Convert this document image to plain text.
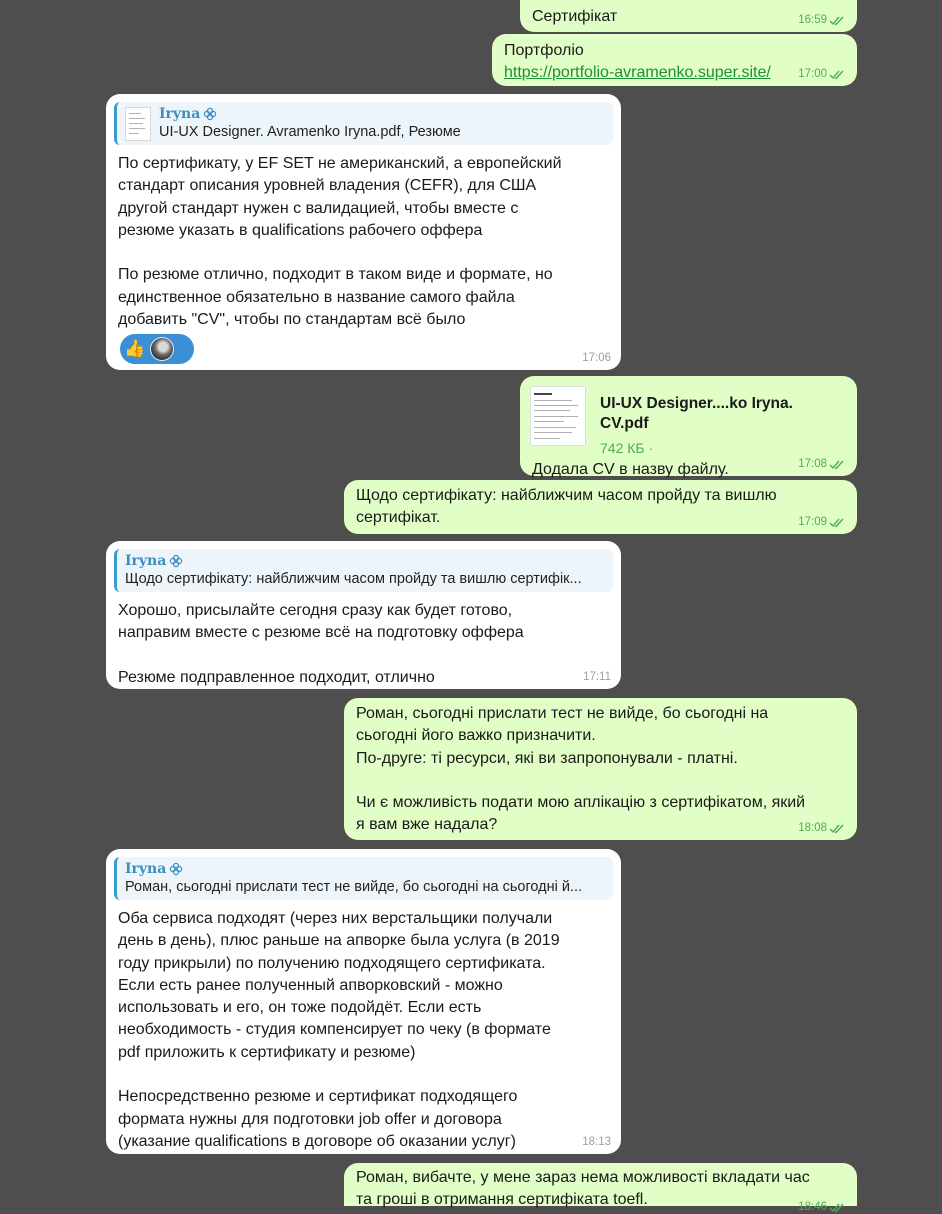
Сертифікат	16:59
Портфоліо
https://portfolio-avramenko.super.site/	17:00
Iryna
UI-UX Designer. Avramenko Iryna.pdf, Резюме
По сертификату, у EF SET не американский, а европейский
стандарт описания уровней владения (CEFR), для США
другой стандарт нужен с валидацией, чтобы вместе с
резюме указать в qualifications рабочего оффера

По резюме отлично, подходит в таком виде и формате, но
единственное обязательно в название самого файла
добавить "CV", чтобы по стандартам всё было
👍	17:06
UI-UX Designer....ko Iryna. CV.pdf
742 КБ ·
Додала CV в назву файлу.	17:08
Щодо сертифікату: найближчим часом пройду та вишлю
сертифікат.	17:09
Iryna
Щодо сертифікату: найближчим часом пройду та вишлю сертифік...
Хорошо, присылайте сегодня сразу как будет готово,
направим вместе с резюме всё на подготовку оффера

Резюме подправленное подходит, отлично	17:11
Роман, сьогодні прислати тест не вийде, бо сьогодні на
сьогодні його важко призначити.
По-друге: ті ресурси, які ви запропонували - платні.

Чи є можливість подати мою аплікацію з сертифікатом, який
я вам вже надала?	18:08
Iryna
Роман, сьогодні прислати тест не вийде, бо сьогодні на сьогодні й...
Оба сервиса подходят (через них верстальщики получали
день в день), плюс раньше на апворке была услуга (в 2019
году прикрыли) по получению подходящего сертификата.
Если есть ранее полученный апворковский - можно
использовать и его, он тоже подойдёт. Если есть
необходимость - студия компенсирует по чеку (в формате
pdf приложить к сертификату и резюме)

Непосредственно резюме и сертификат подходящего
формата нужны для подготовки job offer и договора
(указание qualifications в договоре об оказании услуг)	18:13
Роман, вибачте, у мене зараз нема можливості вкладати час
та гроші в отримання сертифіката toefl.	18:46
